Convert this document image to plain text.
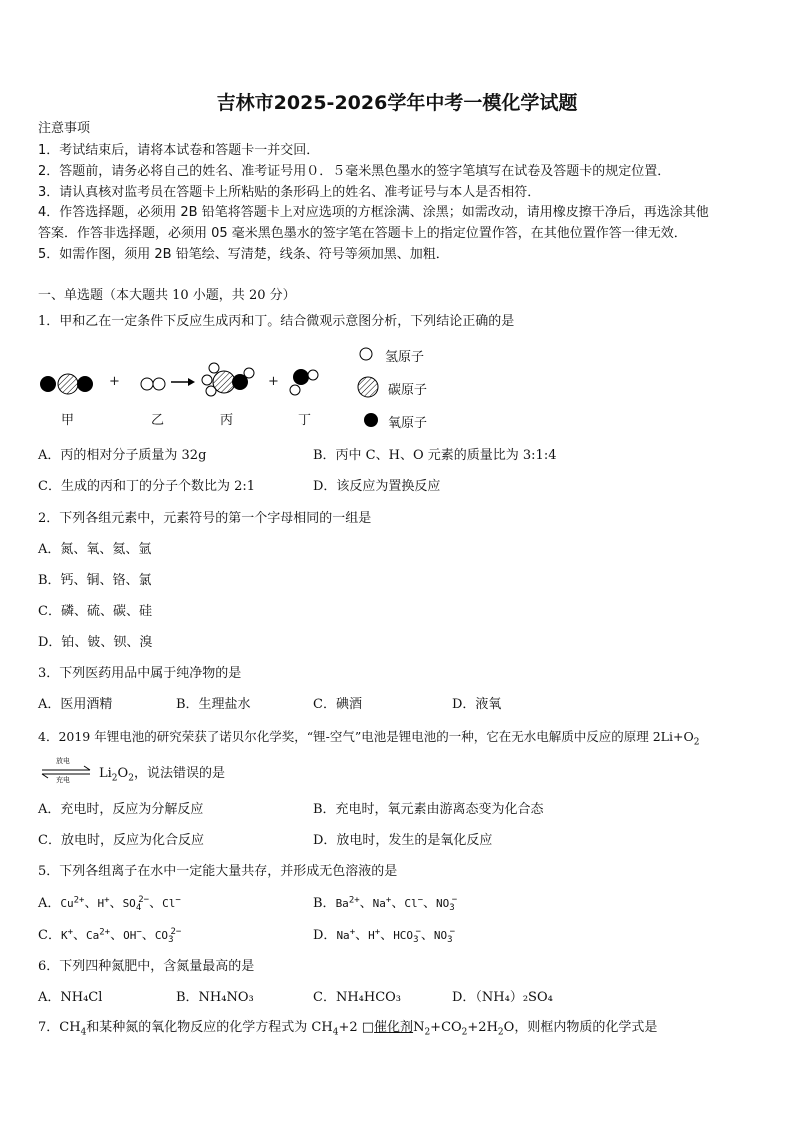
吉林市2025-2026学年中考一模化学试题
注意事项
1．考试结束后，请将本试卷和答题卡一并交回．
2．答题前，请务必将自己的姓名、准考证号用０．５毫米黑色墨水的签字笔填写在试卷及答题卡的规定位置．
3．请认真核对监考员在答题卡上所粘贴的条形码上的姓名、准考证号与本人是否相符．
4．作答选择题，必须用 2B 铅笔将答题卡上对应选项的方框涂满、涂黑；如需改动，请用橡皮擦干净后，再选涂其他
答案．作答非选择题，必须用 05 毫米黑色墨水的签字笔在答题卡上的指定位置作答，在其他位置作答一律无效．
5．如需作图，须用 2B 铅笔绘、写清楚，线条、符号等须加黑、加粗．
一、单选题（本大题共 10 小题，共 20 分）
1．甲和乙在一定条件下反应生成丙和丁。结合微观示意图分析，下列结论正确的是
+	+
甲	乙	丙	丁
氢原子
碳原子
氧原子
A．丙的相对分子质量为 32g	B．丙中 C、H、O 元素的质量比为 3:1:4
C．生成的丙和丁的分子个数比为 2:1	D．该反应为置换反应
2．下列各组元素中，元素符号的第一个字母相同的一组是
A．氮、氧、氦、氩
B．钙、铜、铬、氯
C．磷、硫、碳、硅
D．铂、铍、钡、溴
3．下列医药用品中属于纯净物的是
A．医用酒精	B．生理盐水	C．碘酒	D．液氧
4．2019 年锂电池的研究荣获了诺贝尔化学奖，“锂-空气”电池是锂电池的一种，它在无水电解质中反应的原理 $2Li+O_2$
放电
充电 $Li_2O_2$，说法错误的是
A．充电时，反应为分解反应	B．充电时，氧元素由游离态变为化合态
C．放电时，反应为化合反应	D．放电时，发生的是氧化反应
5．下列各组离子在水中一定能大量共存，并形成无色溶液的是
A．$Cu^{2+}$、H+、$SO_4^{2-}$、Cl−	B．$Ba^{2+}$、Na+、Cl−、$NO_3^-$
C．K+、$Ca^{2+}$、OH−、$CO_3^{2-}$	D．Na+、H+、$HCO_3^-$、$NO_3^-$
6．下列四种氮肥中，含氮量最高的是
A．NH₄Cl	B．NH₄NO₃	C．NH₄HCO₃	D．（NH₄）₂SO₄
7．$CH_4$和某种氮的氧化物反应的化学方程式为 $CH_4+2$ □催化剂$N_2+CO_2+2H_2O$，则框内物质的化学式是
